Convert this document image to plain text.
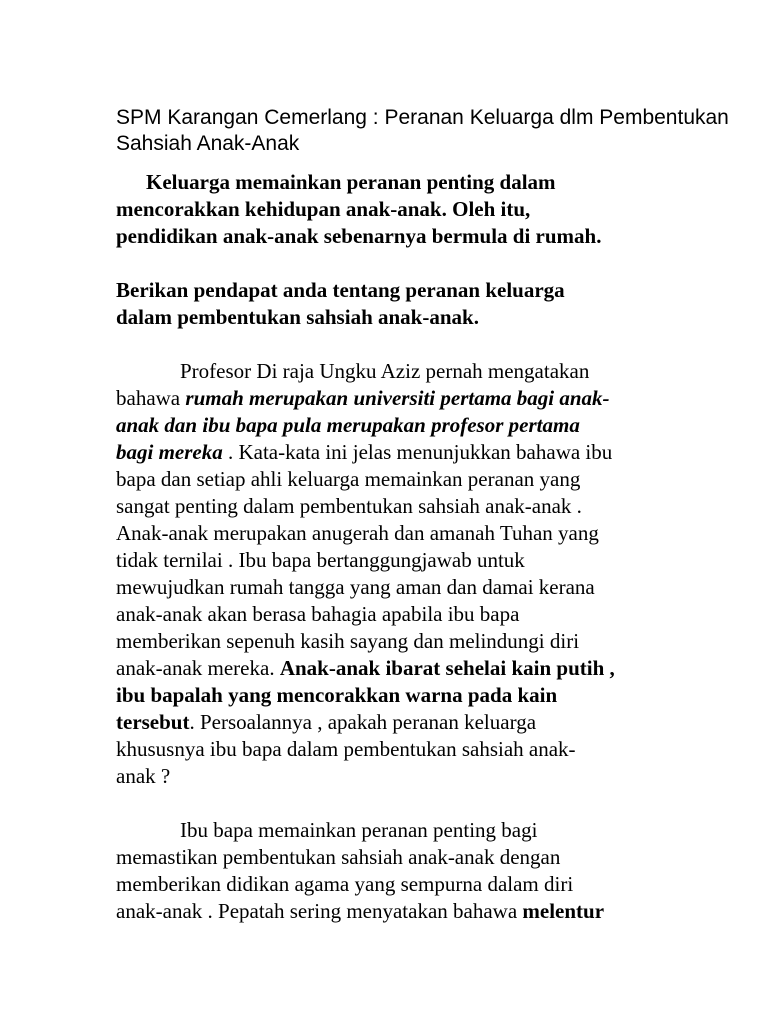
SPM Karangan Cemerlang : Peranan Keluarga dlm Pembentukan Sahsiah Anak-Anak
Keluarga memainkan peranan penting dalam
mencorakkan kehidupan anak-anak. Oleh itu,
pendidikan anak-anak sebenarnya bermula di rumah.
Berikan pendapat anda tentang peranan keluarga
dalam pembentukan sahsiah anak-anak.
Profesor Di raja Ungku Aziz pernah mengatakan
bahawa rumah merupakan universiti pertama bagi anak-
anak dan ibu bapa pula merupakan profesor pertama
bagi mereka . Kata-kata ini jelas menunjukkan bahawa ibu
bapa dan setiap ahli keluarga memainkan peranan yang
sangat penting dalam pembentukan sahsiah anak-anak .
Anak-anak merupakan anugerah dan amanah Tuhan yang
tidak ternilai . Ibu bapa bertanggungjawab untuk
mewujudkan rumah tangga yang aman dan damai kerana
anak-anak akan berasa bahagia apabila ibu bapa
memberikan sepenuh kasih sayang dan melindungi diri
anak-anak mereka. Anak-anak ibarat sehelai kain putih ,
ibu bapalah yang mencorakkan warna pada kain
tersebut. Persoalannya , apakah peranan keluarga
khususnya ibu bapa dalam pembentukan sahsiah anak-
anak ?
Ibu bapa memainkan peranan penting bagi
memastikan pembentukan sahsiah anak-anak dengan
memberikan didikan agama yang sempurna dalam diri
anak-anak . Pepatah sering menyatakan bahawa melentur
